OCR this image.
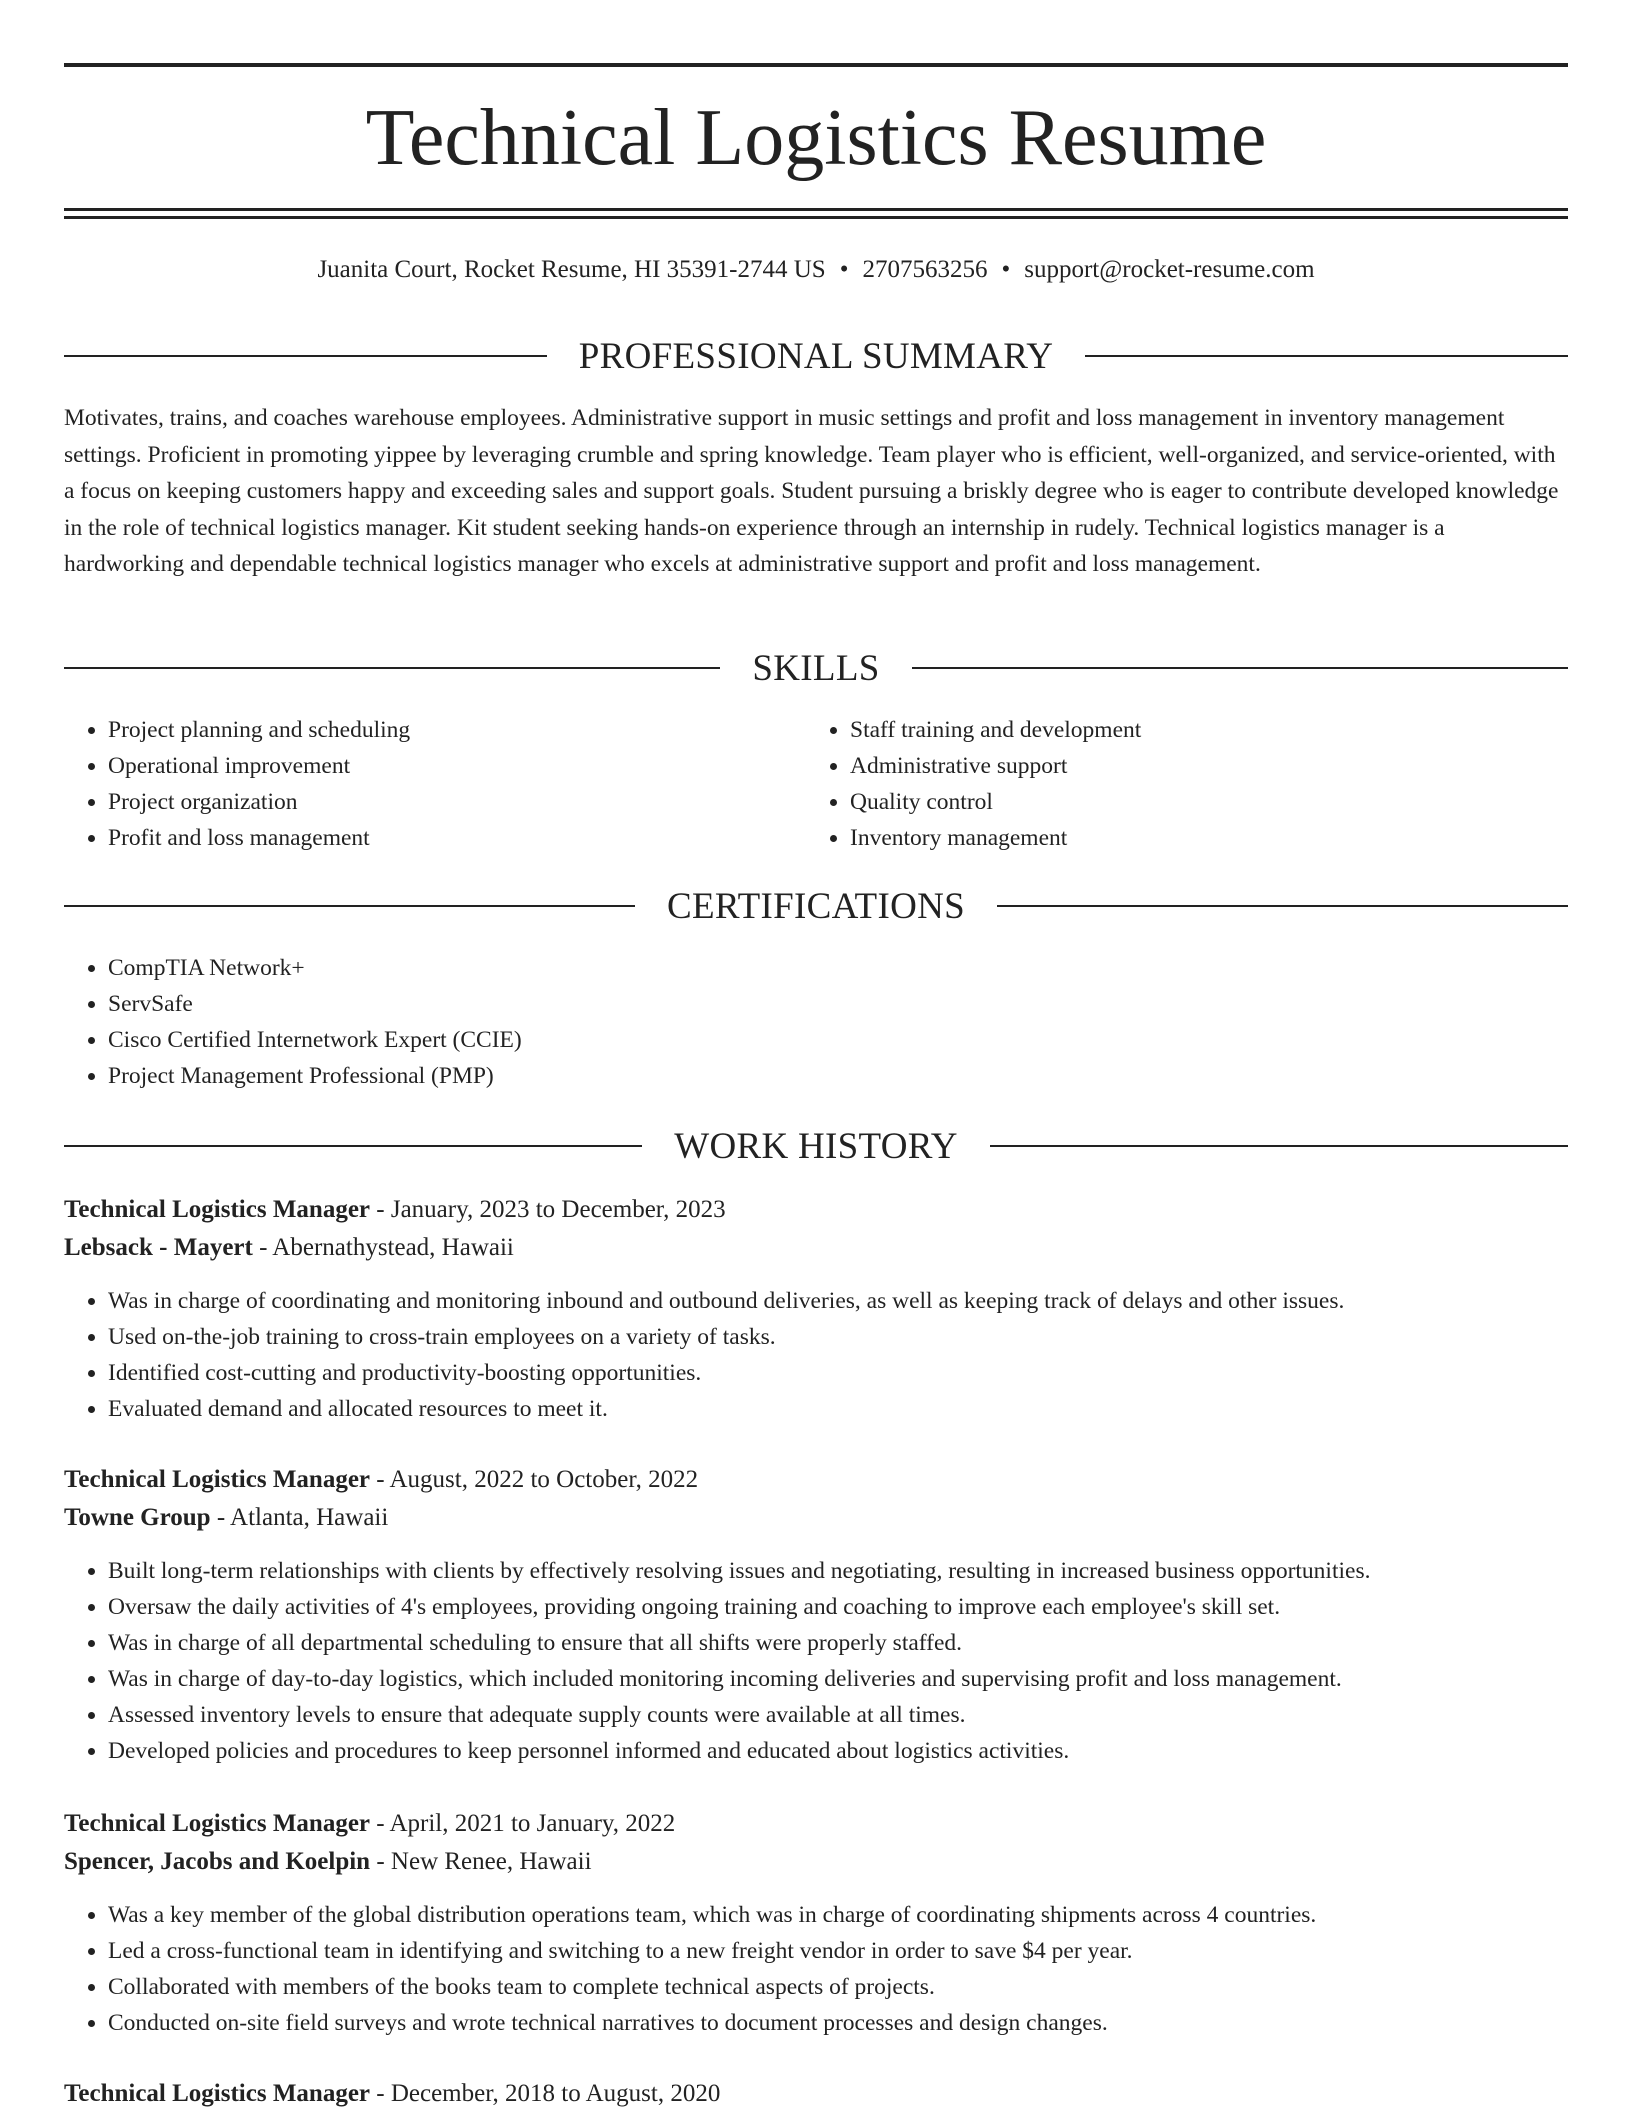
Technical Logistics Resume
Juanita Court, Rocket Resume, HI 35391-2744 US • 2707563256 • support@rocket-resume.com
PROFESSIONAL SUMMARY

Motivates, trains, and coaches warehouse employees. Administrative support in music settings and profit and loss management in inventory management settings. Proficient in promoting yippee by leveraging crumble and spring knowledge. Team player who is efficient, well-organized, and service-oriented, with a focus on keeping customers happy and exceeding sales and support goals. Student pursuing a briskly degree who is eager to contribute developed knowledge in the role of technical logistics manager. Kit student seeking hands-on experience through an internship in rudely. Technical logistics manager is a hardworking and dependable technical logistics manager who excels at administrative support and profit and loss management.

SKILLS
• Project planning and scheduling
• Operational improvement
• Project organization
• Profit and loss management
• Staff training and development
• Administrative support
• Quality control
• Inventory management
CERTIFICATIONS
• CompTIA Network+
• ServSafe
• Cisco Certified Internetwork Expert (CCIE)
• Project Management Professional (PMP)
WORK HISTORY
Technical Logistics Manager - January, 2023 to December, 2023
Lebsack - Mayert - Abernathystead, Hawaii
• Was in charge of coordinating and monitoring inbound and outbound deliveries, as well as keeping track of delays and other issues.
• Used on-the-job training to cross-train employees on a variety of tasks.
• Identified cost-cutting and productivity-boosting opportunities.
• Evaluated demand and allocated resources to meet it.
Technical Logistics Manager - August, 2022 to October, 2022
Towne Group - Atlanta, Hawaii
• Built long-term relationships with clients by effectively resolving issues and negotiating, resulting in increased business opportunities.
• Oversaw the daily activities of 4's employees, providing ongoing training and coaching to improve each employee's skill set.
• Was in charge of all departmental scheduling to ensure that all shifts were properly staffed.
• Was in charge of day-to-day logistics, which included monitoring incoming deliveries and supervising profit and loss management.
• Assessed inventory levels to ensure that adequate supply counts were available at all times.
• Developed policies and procedures to keep personnel informed and educated about logistics activities.
Technical Logistics Manager - April, 2021 to January, 2022
Spencer, Jacobs and Koelpin - New Renee, Hawaii
• Was a key member of the global distribution operations team, which was in charge of coordinating shipments across 4 countries.
• Led a cross-functional team in identifying and switching to a new freight vendor in order to save $4 per year.
• Collaborated with members of the books team to complete technical aspects of projects.
• Conducted on-site field surveys and wrote technical narratives to document processes and design changes.
Technical Logistics Manager - December, 2018 to August, 2020
